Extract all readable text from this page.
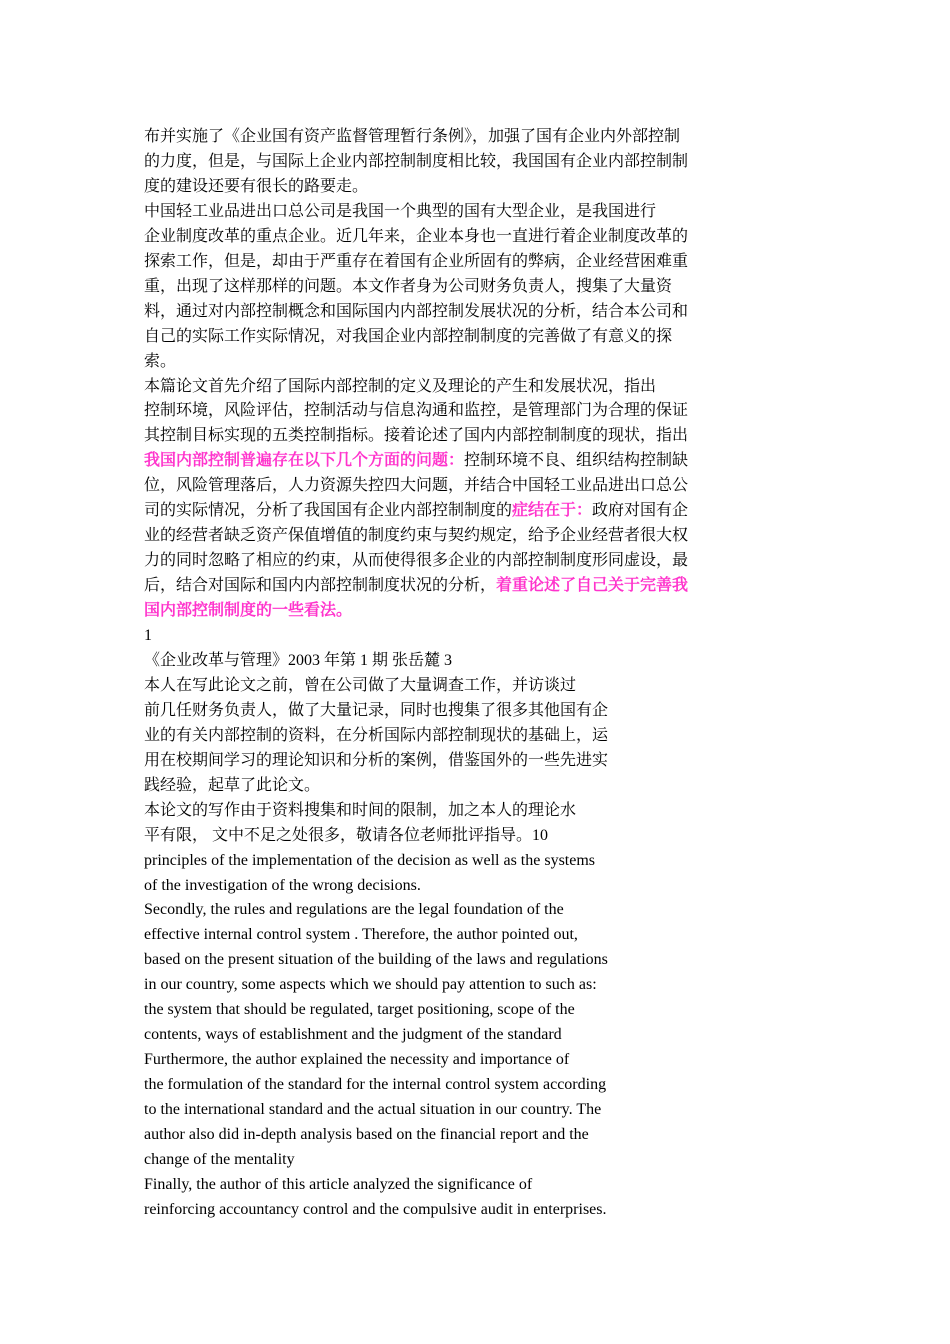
布并实施了《企业国有资产监督管理暂行条例》，加强了国有企业内外部控制
的力度，但是，与国际上企业内部控制制度相比较，我国国有企业内部控制制
度的建设还要有很长的路要走。
中国轻工业品进出口总公司是我国一个典型的国有大型企业，是我国进行
企业制度改革的重点企业。近几年来，企业本身也一直进行着企业制度改革的
探索工作，但是，却由于严重存在着国有企业所固有的弊病，企业经营困难重
重，出现了这样那样的问题。本文作者身为公司财务负责人，搜集了大量资
料，通过对内部控制概念和国际国内内部控制发展状况的分析，结合本公司和
自己的实际工作实际情况，对我国企业内部控制制度的完善做了有意义的探
索。
本篇论文首先介绍了国际内部控制的定义及理论的产生和发展状况，指出
控制环境，风险评估，控制活动与信息沟通和监控，是管理部门为合理的保证
其控制目标实现的五类控制指标。接着论述了国内内部控制制度的现状，指出
我国内部控制普遍存在以下几个方面的问题：控制环境不良、组织结构控制缺
位，风险管理落后，人力资源失控四大问题，并结合中国轻工业品进出口总公
司的实际情况，分析了我国国有企业内部控制制度的症结在于：政府对国有企
业的经营者缺乏资产保值增值的制度约束与契约规定，给予企业经营者很大权
力的同时忽略了相应的约束，从而使得很多企业的内部控制制度形同虚设，最
后，结合对国际和国内内部控制制度状况的分析，着重论述了自己关于完善我
国内部控制制度的一些看法。
1
《企业改革与管理》2003 年第 1 期 张岳麓 3
本人在写此论文之前，曾在公司做了大量调查工作，并访谈过
前几任财务负责人，做了大量记录，同时也搜集了很多其他国有企
业的有关内部控制的资料，在分析国际内部控制现状的基础上，运
用在校期间学习的理论知识和分析的案例，借鉴国外的一些先进实
践经验，起草了此论文。
本论文的写作由于资料搜集和时间的限制，加之本人的理论水
平有限， 文中不足之处很多，敬请各位老师批评指导。10
principles of the implementation of the decision as well as the systems
of the investigation of the wrong decisions.
Secondly, the rules and regulations are the legal foundation of the
effective internal control system . Therefore, the author pointed out,
based on the present situation of the building of the laws and regulations
in our country, some aspects which we should pay attention to such as:
the system that should be regulated, target positioning, scope of the
contents, ways of establishment and the judgment of the standard
Furthermore, the author explained the necessity and importance of
the formulation of the standard for the internal control system according
to the international standard and the actual situation in our country. The
author also did in-depth analysis based on the financial report and the
change of the mentality
Finally, the author of this article analyzed the significance of
reinforcing accountancy control and the compulsive audit in enterprises.
